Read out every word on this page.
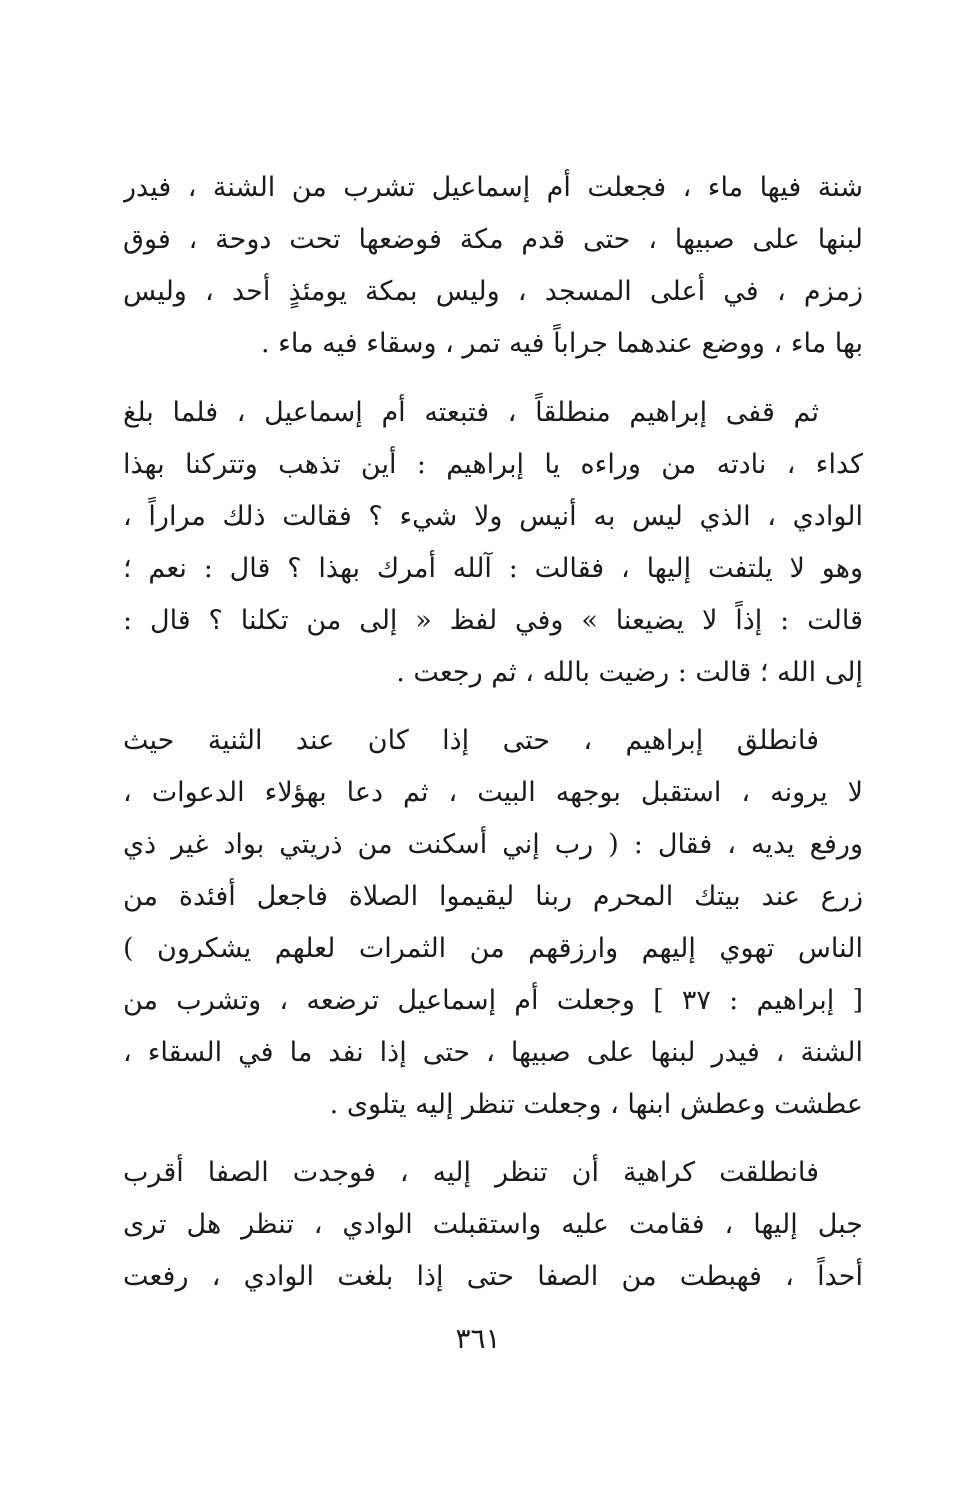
شنة فيها ماء ، فجعلت أم إسماعيل تشرب من الشنة ، فيدر
لبنها على صبيها ، حتى قدم مكة فوضعها تحت دوحة ، فوق
زمزم ، في أعلى المسجد ، وليس بمكة يومئذٍ أحد ، وليس
بها ماء ، ووضع عندهما جراباً فيه تمر ، وسقاء فيه ماء .
ثم قفى إبراهيم منطلقاً ، فتبعته أم إسماعيل ، فلما بلغ
كداء ، نادته من وراءه يا إبراهيم : أين تذهب وتتركنا بهذا
الوادي ، الذي ليس به أنيس ولا شيء ؟ فقالت ذلك مراراً ،
وهو لا يلتفت إليها ، فقالت : آلله أمرك بهذا ؟ قال : نعم ؛
قالت : إذاً لا يضيعنا » وفي لفظ « إلى من تكلنا ؟ قال :
إلى الله ؛ قالت : رضيت بالله ، ثم رجعت .
فانطلق إبراهيم ، حتى إذا كان عند الثنية حيث
لا يرونه ، استقبل بوجهه البيت ، ثم دعا بهؤلاء الدعوات ،
ورفع يديه ، فقال : ( رب إني أسكنت من ذريتي بواد غير ذي
زرع عند بيتك المحرم ربنا ليقيموا الصلاة فاجعل أفئدة من
الناس تهوي إليهم وارزقهم من الثمرات لعلهم يشكرون )
[ إبراهيم : ٣٧ ] وجعلت أم إسماعيل ترضعه ، وتشرب من
الشنة ، فيدر لبنها على صبيها ، حتى إذا نفد ما في السقاء ،
عطشت وعطش ابنها ، وجعلت تنظر إليه يتلوى .
فانطلقت كراهية أن تنظر إليه ، فوجدت الصفا أقرب
جبل إليها ، فقامت عليه واستقبلت الوادي ، تنظر هل ترى
أحداً ، فهبطت من الصفا حتى إذا بلغت الوادي ، رفعت
٣٦١
